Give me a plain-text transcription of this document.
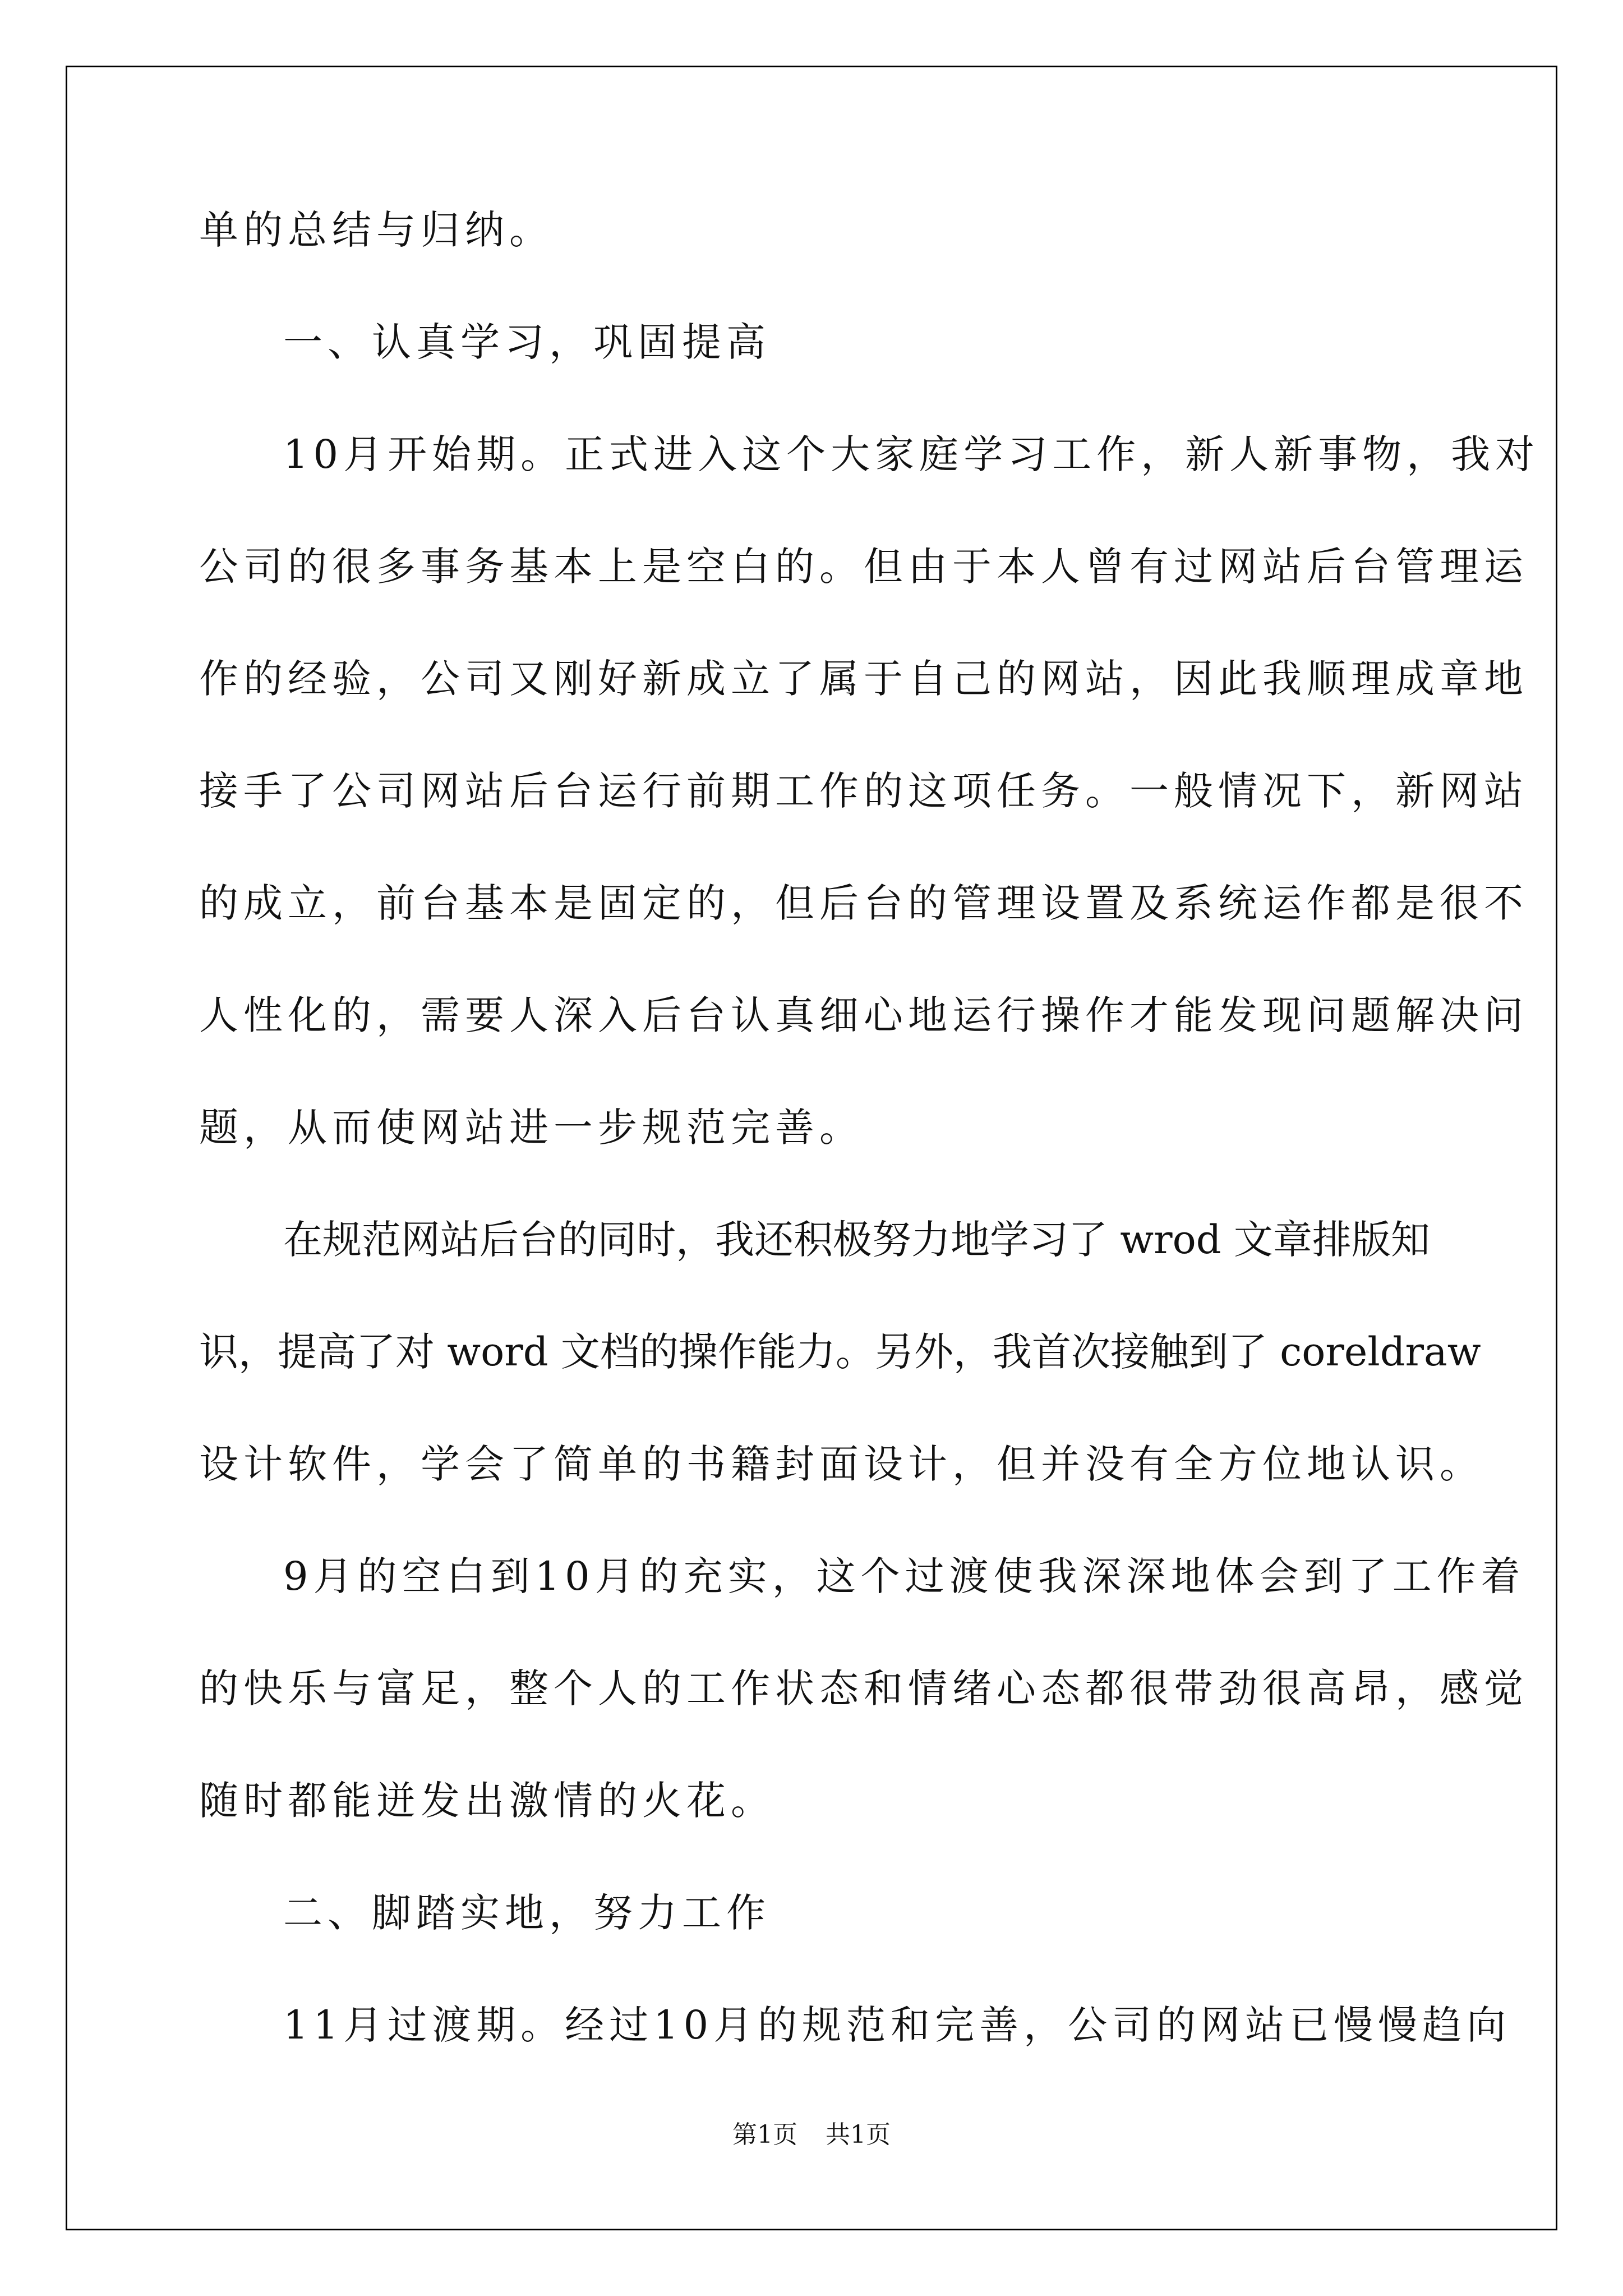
单的总结与归纳。
一、认真学习，巩固提高
10月开始期。正式进入这个大家庭学习工作，新人新事物，我对
公司的很多事务基本上是空白的。但由于本人曾有过网站后台管理运
作的经验，公司又刚好新成立了属于自己的网站，因此我顺理成章地
接手了公司网站后台运行前期工作的这项任务。一般情况下，新网站
的成立，前台基本是固定的，但后台的管理设置及系统运作都是很不
人性化的，需要人深入后台认真细心地运行操作才能发现问题解决问
题，从而使网站进一步规范完善。
在规范网站后台的同时，我还积极努力地学习了 wrod 文章排版知
识，提高了对 word 文档的操作能力。另外，我首次接触到了 coreldraw
设计软件，学会了简单的书籍封面设计，但并没有全方位地认识。
9月的空白到10月的充实，这个过渡使我深深地体会到了工作着
的快乐与富足，整个人的工作状态和情绪心态都很带劲很高昂，感觉
随时都能迸发出激情的火花。
二、脚踏实地，努力工作
11月过渡期。经过10月的规范和完善，公司的网站已慢慢趋向
第1页 共1页
